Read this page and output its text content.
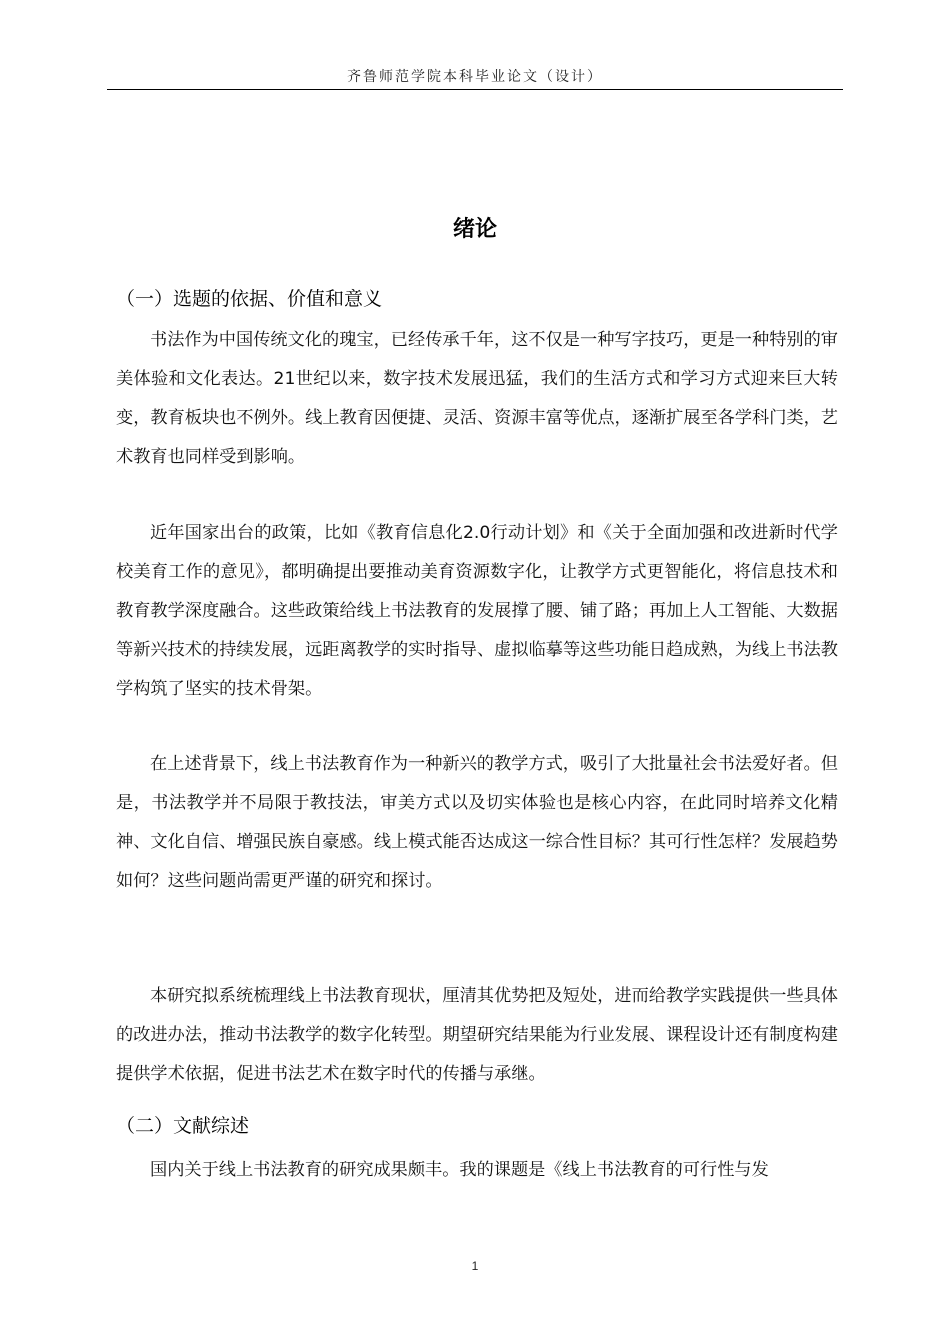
齐鲁师范学院本科毕业论文（设计）
绪论
（一）选题的依据、价值和意义
书法作为中国传统文化的瑰宝，已经传承千年，这不仅是一种写字技巧，更是一种特别的审美体验和文化表达。21世纪以来，数字技术发展迅猛，我们的生活方式和学习方式迎来巨大转变，教育板块也不例外。线上教育因便捷、灵活、资源丰富等优点，逐渐扩展至各学科门类，艺术教育也同样受到影响。
近年国家出台的政策，比如《教育信息化2.0行动计划》和《关于全面加强和改进新时代学校美育工作的意见》，都明确提出要推动美育资源数字化，让教学方式更智能化，将信息技术和教育教学深度融合。这些政策给线上书法教育的发展撑了腰、铺了路；再加上人工智能、大数据等新兴技术的持续发展，远距离教学的实时指导、虚拟临摹等这些功能日趋成熟，为线上书法教学构筑了坚实的技术骨架。
在上述背景下，线上书法教育作为一种新兴的教学方式，吸引了大批量社会书法爱好者。但是，书法教学并不局限于教技法，审美方式以及切实体验也是核心内容，在此同时培养文化精神、文化自信、增强民族自豪感。线上模式能否达成这一综合性目标？其可行性怎样？发展趋势如何？这些问题尚需更严谨的研究和探讨。
本研究拟系统梳理线上书法教育现状，厘清其优势把及短处，进而给教学实践提供一些具体的改进办法，推动书法教学的数字化转型。期望研究结果能为行业发展、课程设计还有制度构建提供学术依据，促进书法艺术在数字时代的传播与承继。
（二）文献综述
国内关于线上书法教育的研究成果颇丰。我的课题是《线上书法教育的可行性与发
1
